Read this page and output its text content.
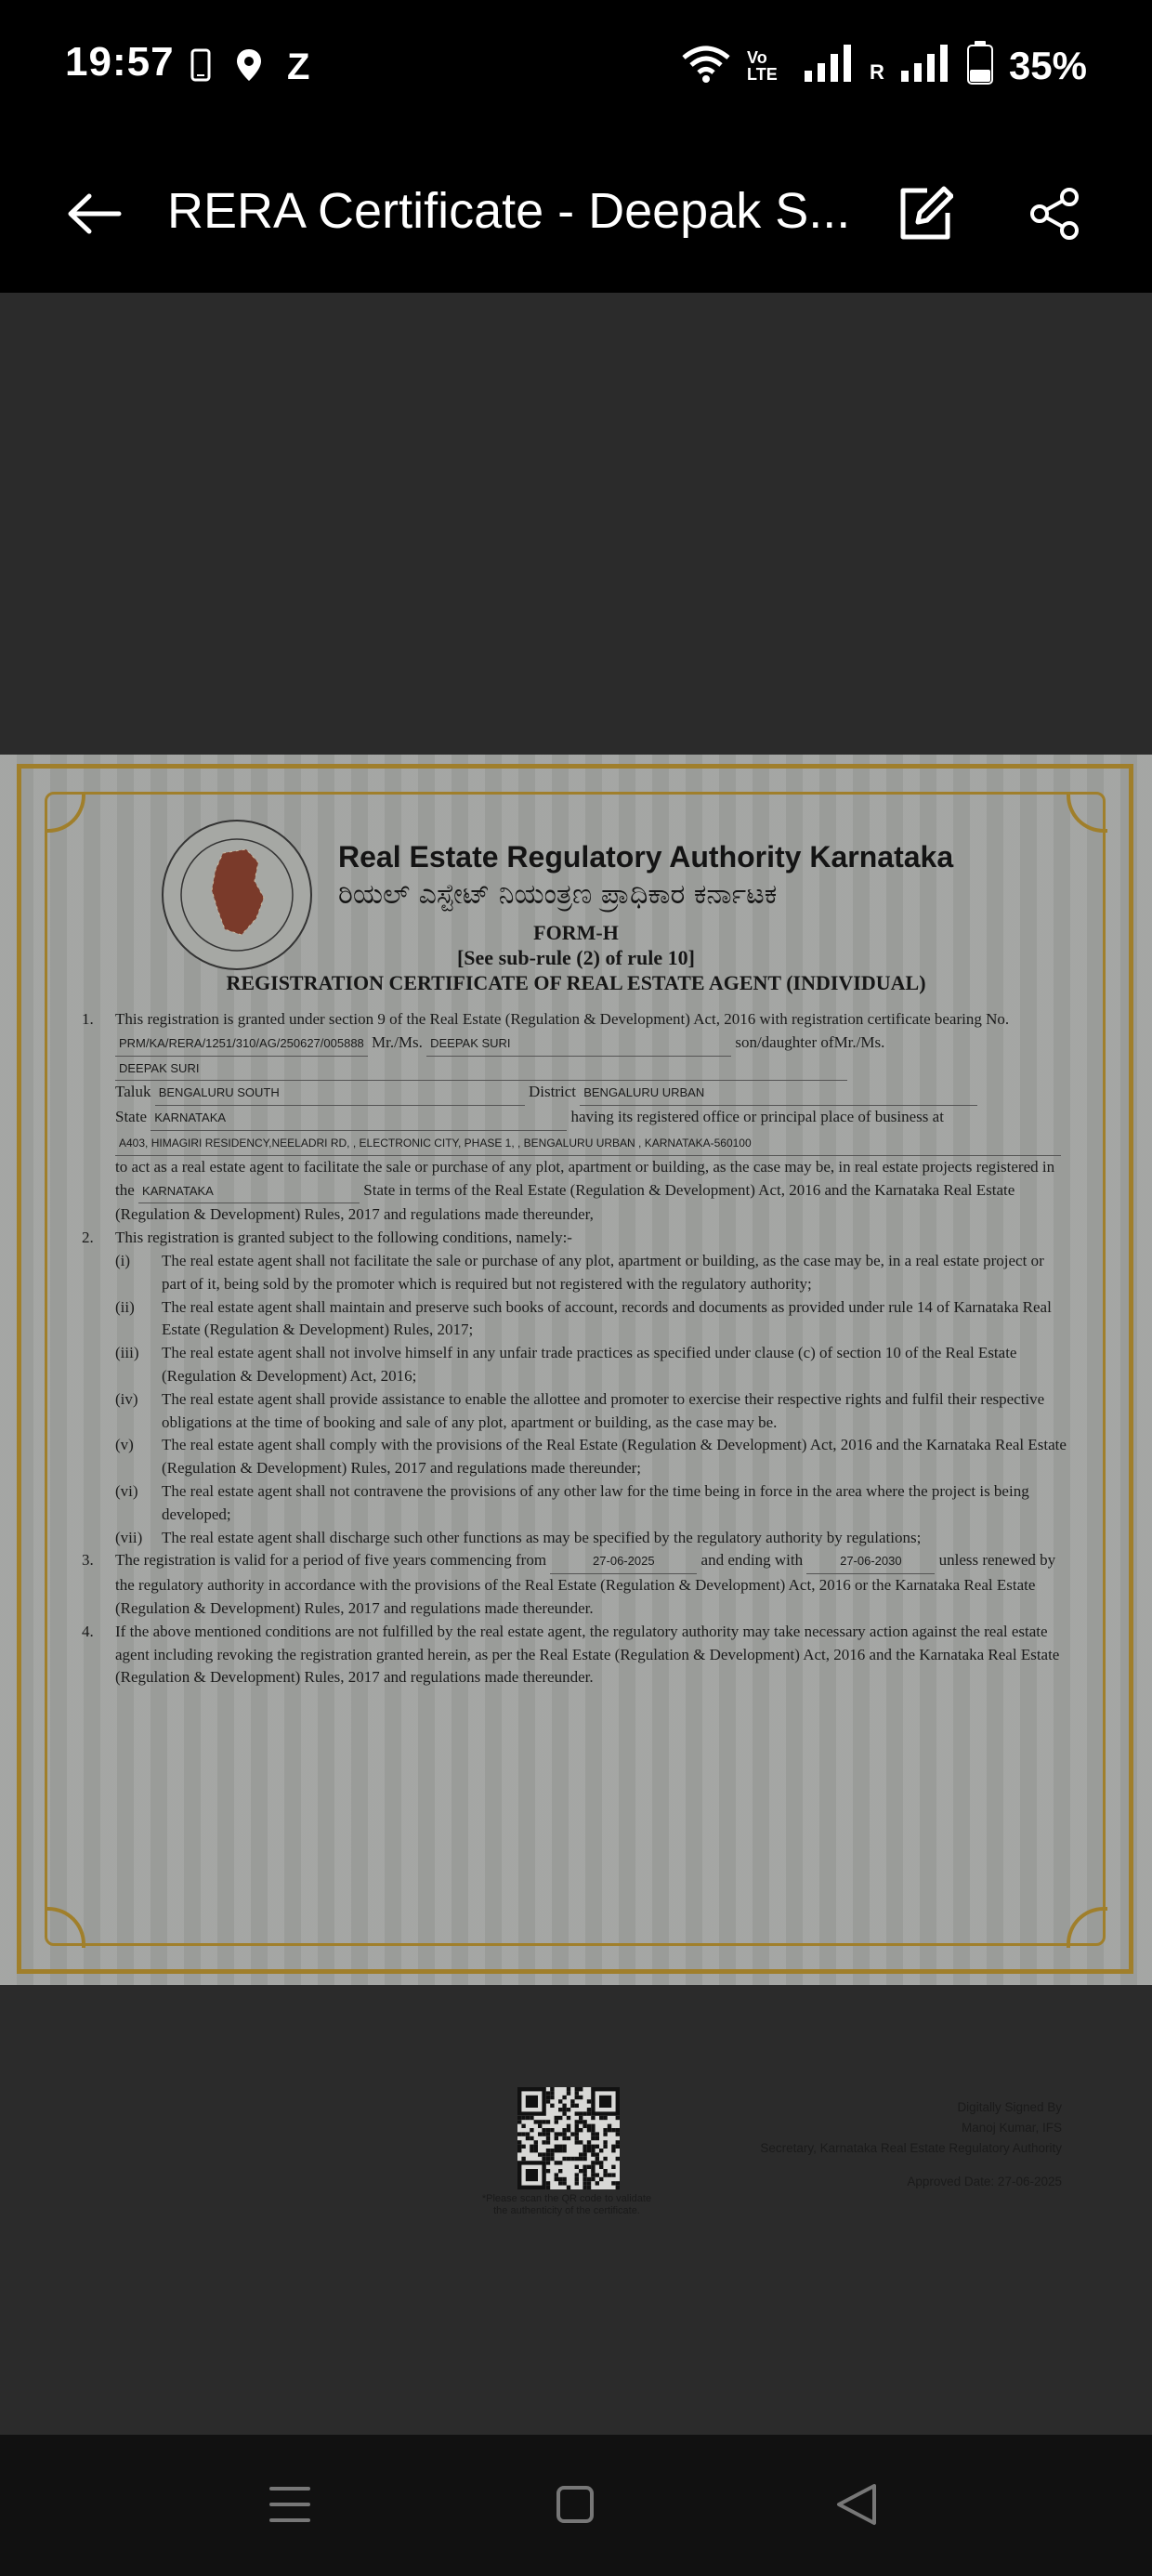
19:57	Z	Vo
LTE	R	35%
RERA Certificate - Deepak S...
Real Estate Regulatory Authority Karnataka
ರಿಯಲ್ ಎಸ್ಟೇಟ್ ನಿಯಂತ್ರಣ ಪ್ರಾಧಿಕಾರ ಕರ್ನಾಟಕ
FORM-H
[See sub-rule (2) of rule 10]
REGISTRATION CERTIFICATE OF REAL ESTATE AGENT (INDIVIDUAL)
1. This registration is granted under section 9 of the Real Estate (Regulation & Development) Act, 2016 with registration certificate bearing No. PRM/KA/RERA/1251/310/AG/250627/005888 Mr./Ms. DEEPAK SURI	son/daughter ofMr./Ms. DEEPAK SURI
Taluk BENGALURU SOUTH	District BENGALURU URBAN
State KARNATAKA	having its registered office or principal place of business at
A403, HIMAGIRI RESIDENCY,NEELADRI RD, , ELECTRONIC CITY, PHASE 1, , BENGALURU URBAN , KARNATAKA-560100
to act as a real estate agent to facilitate the sale or purchase of any plot, apartment or building, as the case may be, in real estate projects registered in the KARNATAKA	State in terms of the Real Estate (Regulation & Development) Act, 2016 and the Karnataka Real Estate (Regulation & Development) Rules, 2017 and regulations made thereunder,
2. This registration is granted subject to the following conditions, namely:-
(i) The real estate agent shall not facilitate the sale or purchase of any plot, apartment or building, as the case may be, in a real estate project or part of it, being sold by the promoter which is required but not registered with the regulatory authority;
(ii) The real estate agent shall maintain and preserve such books of account, records and documents as provided under rule 14 of Karnataka Real Estate (Regulation & Development) Rules, 2017;
(iii) The real estate agent shall not involve himself in any unfair trade practices as specified under clause (c) of section 10 of the Real Estate (Regulation & Development) Act, 2016;
(iv) The real estate agent shall provide assistance to enable the allottee and promoter to exercise their respective rights and fulfil their respective obligations at the time of booking and sale of any plot, apartment or building, as the case may be.
(v) The real estate agent shall comply with the provisions of the Real Estate (Regulation & Development) Act, 2016 and the Karnataka Real Estate (Regulation & Development) Rules, 2017 and regulations made thereunder;
(vi) The real estate agent shall not contravene the provisions of any other law for the time being in force in the area where the project is being developed;
(vii) The real estate agent shall discharge such other functions as may be specified by the regulatory authority by regulations;
3. The registration is valid for a period of five years commencing from	27-06-2025	and ending with	27-06-2030 unless renewed by the regulatory authority in accordance with the provisions of the Real Estate (Regulation & Development) Act, 2016 or the Karnataka Real Estate (Regulation & Development) Rules, 2017 and regulations made thereunder.
4. If the above mentioned conditions are not fulfilled by the real estate agent, the regulatory authority may take necessary action against the real estate agent including revoking the registration granted herein, as per the Real Estate (Regulation & Development) Act, 2016 and the Karnataka Real Estate (Regulation & Development) Rules, 2017 and regulations made thereunder.
*Please scan the QR code to validate the authenticity of the certificate.
Digitally Signed By
Manoj Kumar, IFS
Secretary, Karnataka Real Estate Regulatory Authority
Approved Date: 27-06-2025
